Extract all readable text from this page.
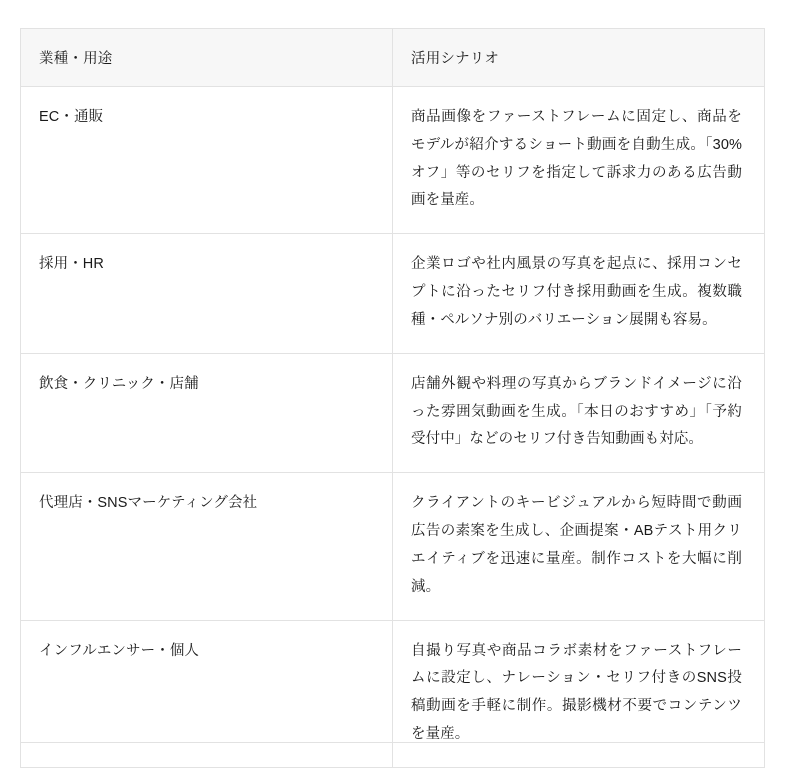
業種・用途	活用シナリオ
EC・通販	商品画像をファーストフレームに固定し、商品をモデルが紹介するショート動画を自動生成。「30%オフ」等のセリフを指定して訴求力のある広告動画を量産。
採用・HR	企業ロゴや社内風景の写真を起点に、採用コンセプトに沿ったセリフ付き採用動画を生成。複数職種・ペルソナ別のバリエーション展開も容易。
飲食・クリニック・店舗	店舗外観や料理の写真からブランドイメージに沿った雰囲気動画を生成。「本日のおすすめ」「予約受付中」などのセリフ付き告知動画も対応。
代理店・SNSマーケティング会社	クライアントのキービジュアルから短時間で動画広告の素案を生成し、企画提案・ABテスト用クリエイティブを迅速に量産。制作コストを大幅に削減。
インフルエンサー・個人	自撮り写真や商品コラボ素材をファーストフレームに設定し、ナレーション・セリフ付きのSNS投稿動画を手軽に制作。撮影機材不要でコンテンツを量産。
